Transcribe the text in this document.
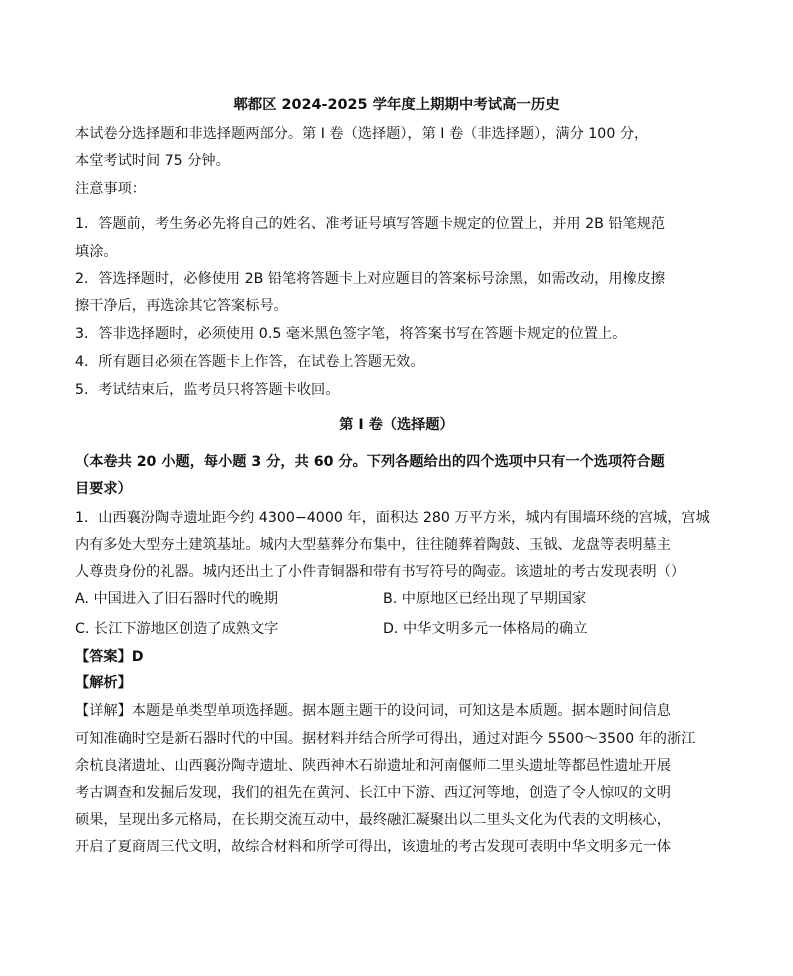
郫都区 2024-2025 学年度上期期中考试高一历史
本试卷分选择题和非选择题两部分。第 I 卷（选择题），第 I 卷（非选择题），满分 100 分，
本堂考试时间 75 分钟。
注意事项：
1．答题前，考生务必先将自己的姓名、准考证号填写答题卡规定的位置上，并用 2B 铅笔规范
填涂。
2．答选择题时，必修使用 2B 铅笔将答题卡上对应题目的答案标号涂黑，如需改动，用橡皮擦
擦干净后，再选涂其它答案标号。
3．答非选择题时，必须使用 0.5 毫米黑色签字笔，将答案书写在答题卡规定的位置上。
4．所有题目必须在答题卡上作答，在试卷上答题无效。
5．考试结束后，监考员只将答题卡收回。
第 I 卷（选择题）
（本卷共 20 小题，每小题 3 分，共 60 分。下列各题给出的四个选项中只有一个选项符合题
目要求）
1．山西襄汾陶寺遗址距今约 4300−4000 年，面积达 280 万平方米，城内有围墙环绕的宫城，宫城
内有多处大型夯土建筑基址。城内大型墓葬分布集中，往往随葬着陶鼓、玉钺、龙盘等表明墓主
人尊贵身份的礼器。城内还出土了小件青铜器和带有书写符号的陶壶。该遗址的考古发现表明（）
A. 中国进入了旧石器时代的晚期	B. 中原地区已经出现了早期国家
C. 长江下游地区创造了成熟文字	D. 中华文明多元一体格局的确立
【答案】D
【解析】
【详解】本题是单类型单项选择题。据本题主题干的设问词，可知这是本质题。据本题时间信息
可知准确时空是新石器时代的中国。据材料并结合所学可得出，通过对距今 5500～3500 年的浙江
余杭良渚遗址、山西襄汾陶寺遗址、陕西神木石峁遗址和河南偃师二里头遗址等都邑性遗址开展
考古调查和发掘后发现，我们的祖先在黄河、长江中下游、西辽河等地，创造了令人惊叹的文明
硕果，呈现出多元格局，在长期交流互动中，最终融汇凝聚出以二里头文化为代表的文明核心，
开启了夏商周三代文明，故综合材料和所学可得出，该遗址的考古发现可表明中华文明多元一体
